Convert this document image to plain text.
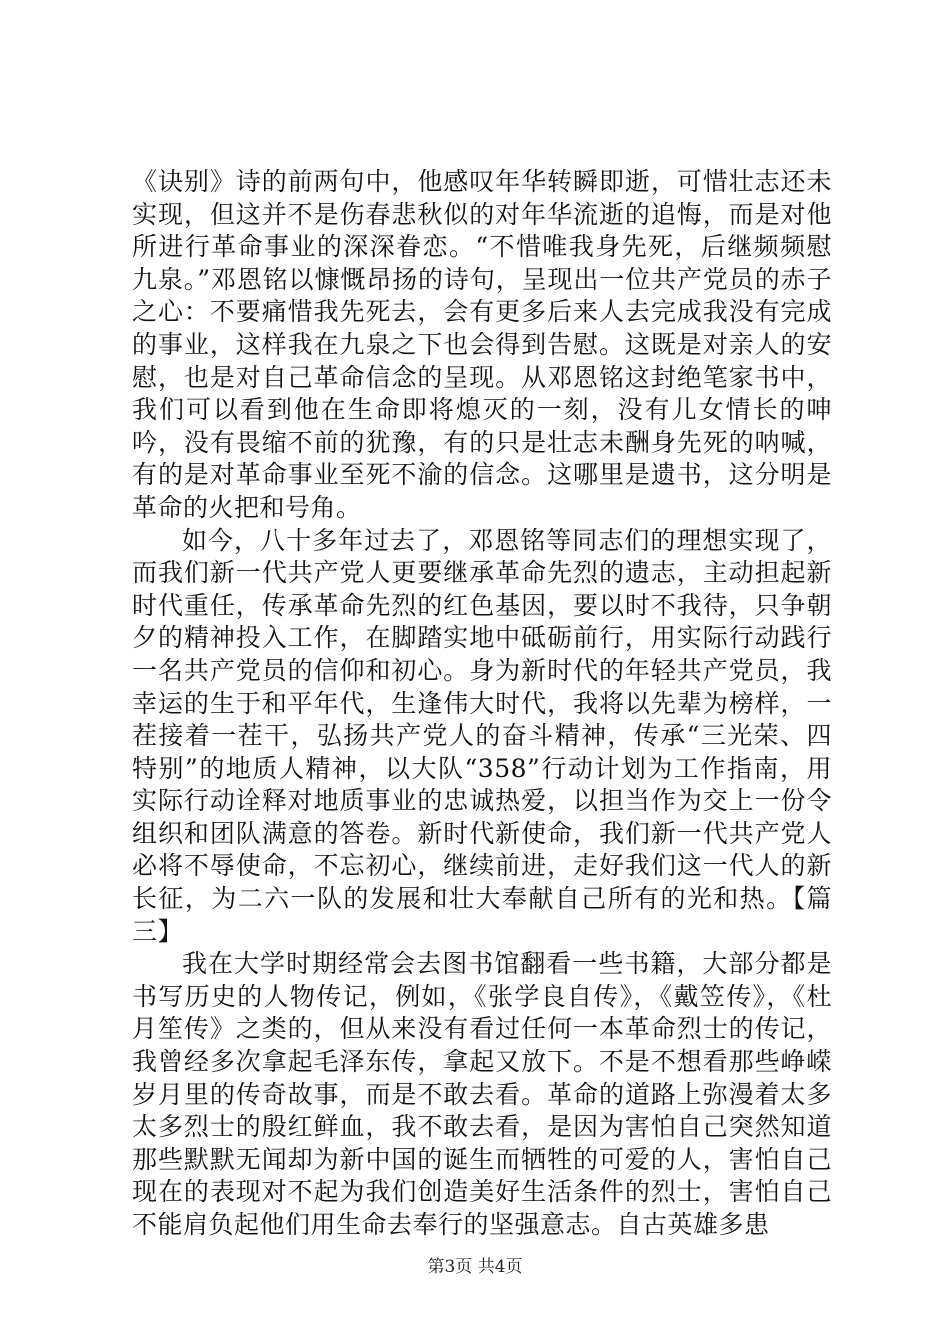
《诀别》诗的前两句中，他感叹年华转瞬即逝，可惜壮志还未实现，但这并不是伤春悲秋似的对年华流逝的追悔，而是对他所进行革命事业的深深眷恋。“不惜唯我身先死，后继频频慰九泉。”邓恩铭以慷慨昂扬的诗句，呈现出一位共产党员的赤子之心：不要痛惜我先死去，会有更多后来人去完成我没有完成的事业，这样我在九泉之下也会得到告慰。这既是对亲人的安慰，也是对自己革命信念的呈现。从邓恩铭这封绝笔家书中，我们可以看到他在生命即将熄灭的一刻，没有儿女情长的呻吟，没有畏缩不前的犹豫，有的只是壮志未酬身先死的呐喊，有的是对革命事业至死不渝的信念。这哪里是遗书，这分明是革命的火把和号角。

如今，八十多年过去了，邓恩铭等同志们的理想实现了，而我们新一代共产党人更要继承革命先烈的遗志，主动担起新时代重任，传承革命先烈的红色基因，要以时不我待，只争朝夕的精神投入工作，在脚踏实地中砥砺前行，用实际行动践行一名共产党员的信仰和初心。身为新时代的年轻共产党员，我幸运的生于和平年代，生逢伟大时代，我将以先辈为榜样，一茬接着一茬干，弘扬共产党人的奋斗精神，传承“三光荣、四特别”的地质人精神，以大队“358”行动计划为工作指南，用实际行动诠释对地质事业的忠诚热爱，以担当作为交上一份令组织和团队满意的答卷。新时代新使命，我们新一代共产党人必将不辱使命，不忘初心，继续前进，走好我们这一代人的新长征，为二六一队的发展和壮大奉献自己所有的光和热。【篇三】

我在大学时期经常会去图书馆翻看一些书籍，大部分都是书写历史的人物传记，例如，《张学良自传》，《戴笠传》，《杜月笙传》之类的，但从来没有看过任何一本革命烈士的传记，我曾经多次拿起毛泽东传，拿起又放下。不是不想看那些峥嵘岁月里的传奇故事，而是不敢去看。革命的道路上弥漫着太多太多烈士的殷红鲜血，我不敢去看，是因为害怕自己突然知道那些默默无闻却为新中国的诞生而牺牲的可爱的人，害怕自己现在的表现对不起为我们创造美好生活条件的烈士，害怕自己不能肩负起他们用生命去奉行的坚强意志。自古英雄多患

第3页 共4页
